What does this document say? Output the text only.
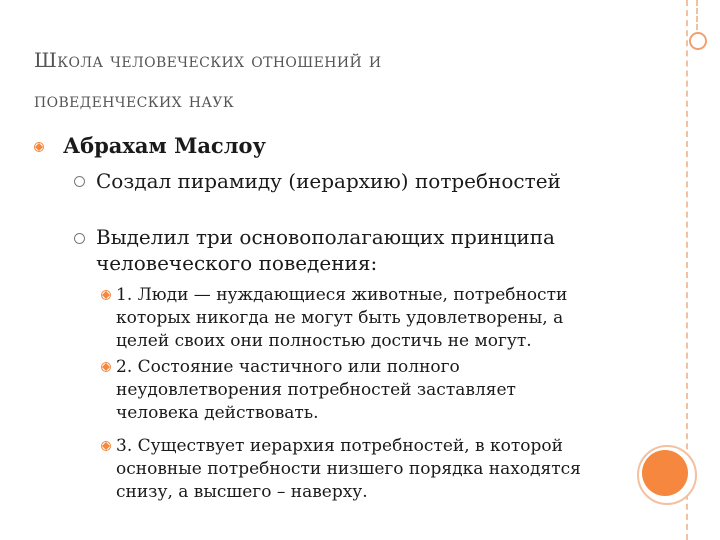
Школа человеческих отношений и
поведенческих наук
Абрахам Маслоу
Создал пирамиду (иерархию) потребностей
Выделил три основополагающих принципа
человеческого поведения:
1. Люди — нуждающиеся животные, потребности
которых никогда не могут быть удовлетворены, а
целей своих они полностью достичь не могут.
2. Состояние частичного или полного
неудовлетворения потребностей заставляет
человека действовать.
3. Существует иерархия потребностей, в которой
основные потребности низшего порядка находятся
снизу, а высшего – наверху.
